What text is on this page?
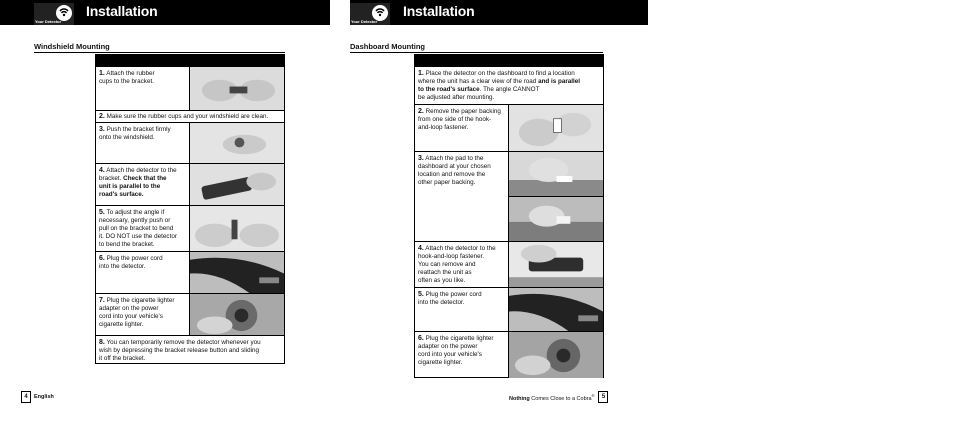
Your Detector
Installation
Your Detector
Installation
Windshield Mounting
1. Attach the rubber
cups to the bracket.
2. Make sure the rubber cups and your windshield are clean.
3. Push the bracket firmly
onto the windshield.
4. Attach the detector to the
bracket. Check that the
unit is parallel to the
road's surface.
5. To adjust the angle if
necessary, gently push or
pull on the bracket to bend
it. DO NOT use the detector
to bend the bracket.
6. Plug the power cord
into the detector.
7. Plug the cigarette lighter
adapter on the power
cord into your vehicle's
cigarette lighter.
8. You can temporarily remove the detector whenever you
wish by depressing the bracket release button and sliding
it off the bracket.
Dashboard Mounting
1. Place the detector on the dashboard to find a location
where the unit has a clear view of the road and is parallel
to the road's surface. The angle CANNOT
be adjusted after mounting.
2. Remove the paper backing
from one side of the hook-
and-loop fastener.
3. Attach the pad to the
dashboard at your chosen
location and remove the
other paper backing.
4. Attach the detector to the
hook-and-loop fastener.
You can remove and
reattach the unit as
often as you like.
5. Plug the power cord
into the detector.
6. Plug the cigarette lighter
adapter on the power
cord into your vehicle's
cigarette lighter.
4	English	Nothing Comes Close to a Cobra®	5
